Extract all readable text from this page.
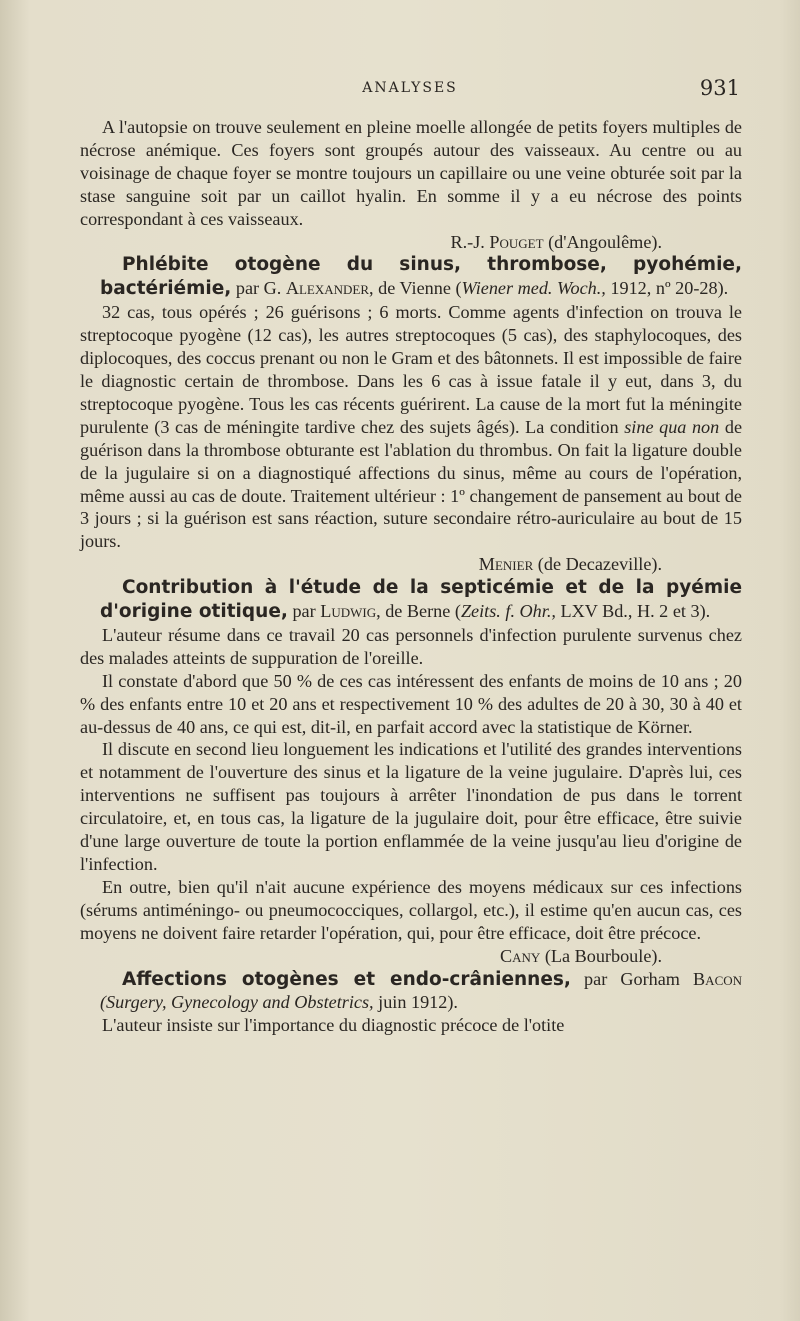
ANALYSES	931

A l'autopsie on trouve seulement en pleine moelle allongée de petits foyers multiples de nécrose anémique. Ces foyers sont groupés autour des vaisseaux. Au centre ou au voisinage de chaque foyer se montre toujours un capillaire ou une veine obturée soit par la stase sanguine soit par un caillot hyalin. En somme il y a eu nécrose des points correspondant à ces vaisseaux.

R.-J. Pouget (d'Angoulême).

Phlébite otogène du sinus, thrombose, pyohémie, bactériémie, par G. Alexander, de Vienne (Wiener med. Woch., 1912, nº 20-28).

32 cas, tous opérés ; 26 guérisons ; 6 morts. Comme agents d'infection on trouva le streptocoque pyogène (12 cas), les autres streptocoques (5 cas), des staphylocoques, des diplocoques, des coccus prenant ou non le Gram et des bâtonnets. Il est impossible de faire le diagnostic certain de thrombose. Dans les 6 cas à issue fatale il y eut, dans 3, du streptocoque pyogène. Tous les cas récents guérirent. La cause de la mort fut la méningite purulente (3 cas de méningite tardive chez des sujets âgés). La condition sine qua non de guérison dans la thrombose obturante est l'ablation du thrombus. On fait la ligature double de la jugulaire si on a diagnostiqué affections du sinus, même au cours de l'opération, même aussi au cas de doute. Traitement ultérieur : 1º changement de pansement au bout de 3 jours ; si la guérison est sans réaction, suture secondaire rétro-auriculaire au bout de 15 jours.

Menier (de Decazeville).

Contribution à l'étude de la septicémie et de la pyémie d'origine otitique, par Ludwig, de Berne (Zeits. f. Ohr., LXV Bd., H. 2 et 3).

L'auteur résume dans ce travail 20 cas personnels d'infection purulente survenus chez des malades atteints de suppuration de l'oreille.

Il constate d'abord que 50 % de ces cas intéressent des enfants de moins de 10 ans ; 20 % des enfants entre 10 et 20 ans et respectivement 10 % des adultes de 20 à 30, 30 à 40 et au-dessus de 40 ans, ce qui est, dit-il, en parfait accord avec la statistique de Körner.

Il discute en second lieu longuement les indications et l'utilité des grandes interventions et notamment de l'ouverture des sinus et la ligature de la veine jugulaire. D'après lui, ces interventions ne suffisent pas toujours à arrêter l'inondation de pus dans le torrent circulatoire, et, en tous cas, la ligature de la jugulaire doit, pour être efficace, être suivie d'une large ouverture de toute la portion enflammée de la veine jusqu'au lieu d'origine de l'infection.

En outre, bien qu'il n'ait aucune expérience des moyens médicaux sur ces infections (sérums antiméningo- ou pneumococciques, collargol, etc.), il estime qu'en aucun cas, ces moyens ne doivent faire retarder l'opération, qui, pour être efficace, doit être précoce.

Cany (La Bourboule).

Affections otogènes et endo-crâniennes, par Gorham Bacon (Surgery, Gynecology and Obstetrics, juin 1912).

L'auteur insiste sur l'importance du diagnostic précoce de l'otite
